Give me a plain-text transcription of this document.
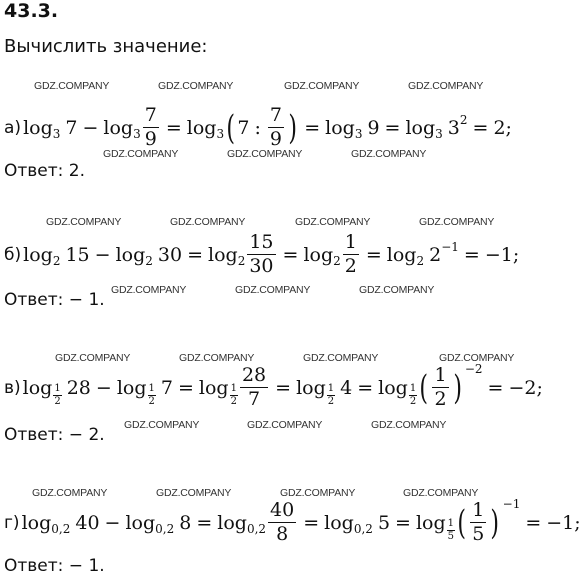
43.3.
Вычислить значение:
GDZ.COMPANY	GDZ.COMPANY	GDZ.COMPANY	GDZ.COMPANY
GDZ.COMPANY	GDZ.COMPANY	GDZ.COMPANY
GDZ.COMPANY	GDZ.COMPANY	GDZ.COMPANY	GDZ.COMPANY
GDZ.COMPANY	GDZ.COMPANY	GDZ.COMPANY
GDZ.COMPANY	GDZ.COMPANY	GDZ.COMPANY	GDZ.COMPANY
GDZ.COMPANY	GDZ.COMPANY	GDZ.COMPANY
GDZ.COMPANY	GDZ.COMPANY	GDZ.COMPANY	GDZ.COMPANY
а) $\log_3 7 - \log_3 \frac{7}{9} = \log_3$ ( 7 : $\frac{7}{9}$ ) = $\log_3 9 = \log_3 3^2 = 2$;
Ответ: 2.
б) $\log_2 15 - \log_2 30 = \log_2 \frac{15}{30} = \log_2 \frac{1}{2} = \log_2 2^{-1} = -1$;
Ответ: − 1.
в) $\log \frac{1}{2} 28 - \log \frac{1}{2} 7 = \log \frac{1}{2} \frac{28}{7} = \log \frac{1}{2} 4 = \log \frac{1}{2}$ ( $\frac{1}{2}$ ) −2
= −2;
Ответ: − 2.
г) $\log_{0,2} 40 - \log_{0,2} 8 = \log_{0,2} \frac{40}{8} = \log_{0,2} 5 = \log \frac{1}{5}$ ( $\frac{1}{5}$ ) −1
= −1;
Ответ: − 1.
